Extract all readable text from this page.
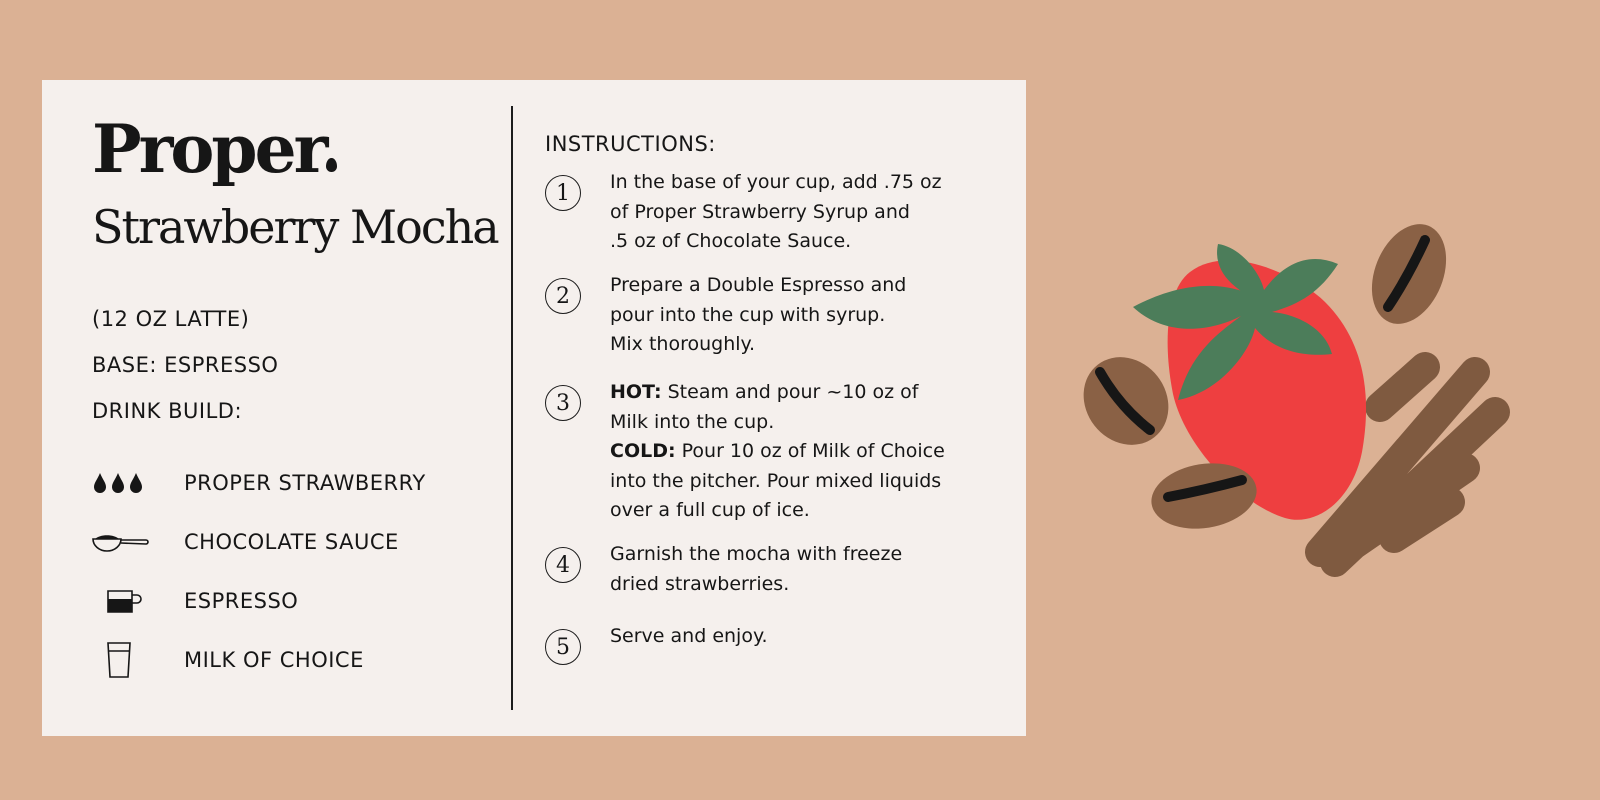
Proper
Strawberry Mocha
(12 OZ LATTE)
BASE: ESPRESSO
DRINK BUILD:
PROPER STRAWBERRY
CHOCOLATE SAUCE
ESPRESSO
MILK OF CHOICE
INSTRUCTIONS:
1	In the base of your cup, add .75 oz
of Proper Strawberry Syrup and
.5 oz of Chocolate Sauce.
2	Prepare a Double Espresso and
pour into the cup with syrup.
Mix thoroughly.
3	HOT: Steam and pour ~10 oz of
Milk into the cup.
COLD: Pour 10 oz of Milk of Choice
into the pitcher. Pour mixed liquids
over a full cup of ice.
4	Garnish the mocha with freeze
dried strawberries.
5	Serve and enjoy.
